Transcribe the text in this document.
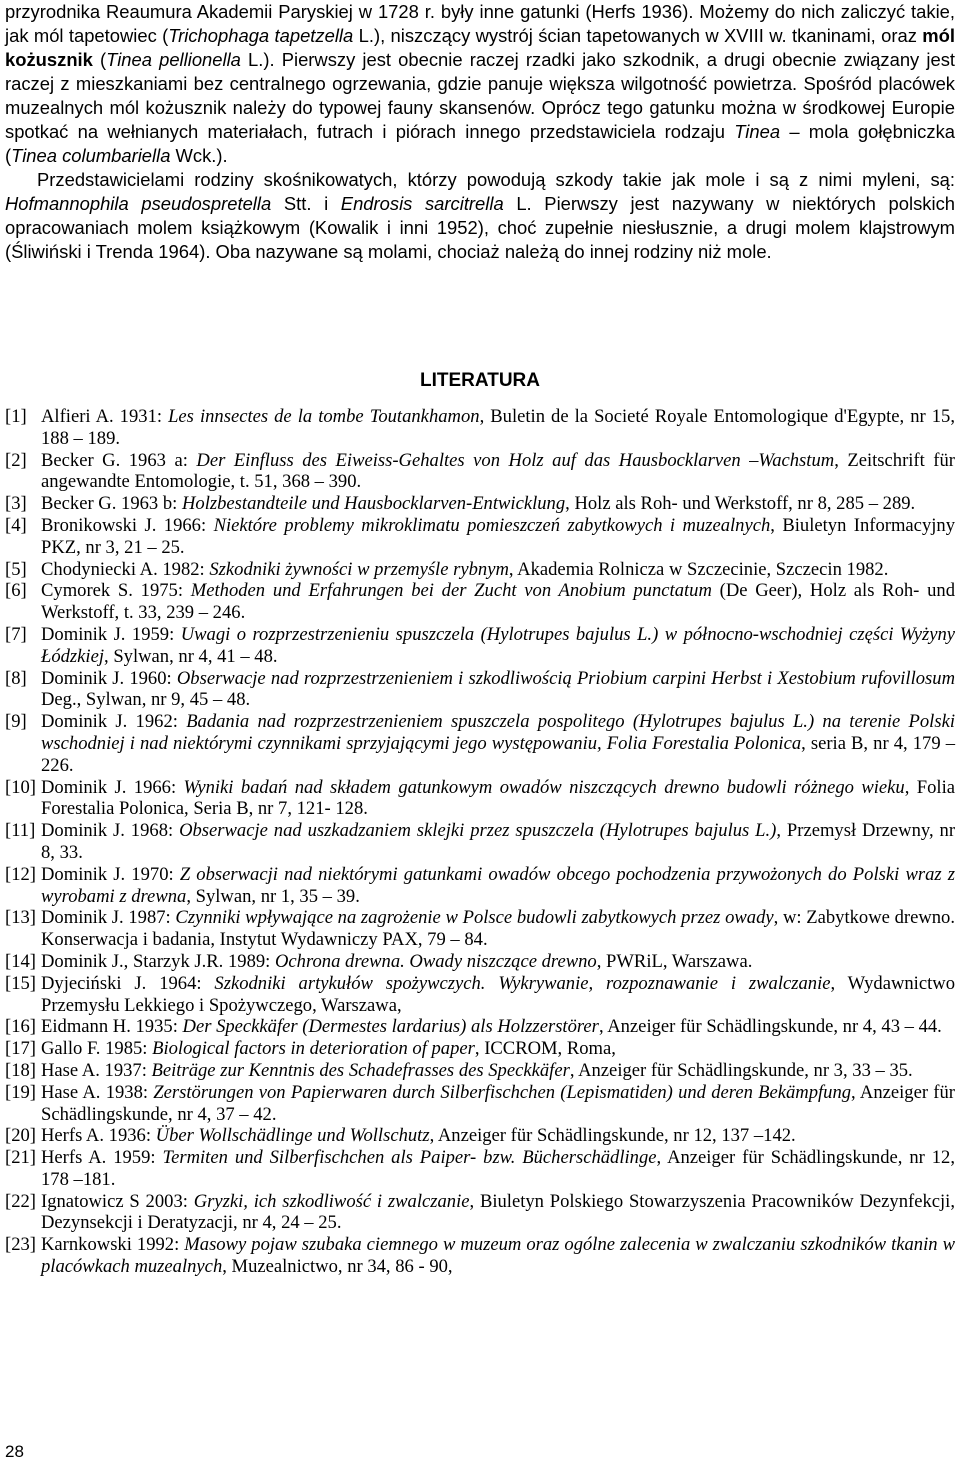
przyrodnika Reaumura Akademii Paryskiej w 1728 r. były inne gatunki (Herfs 1936). Możemy do nich zaliczyć takie, jak mól tapetowiec (Trichophaga tapetzella L.), niszczący wystrój ścian tapetowanych w XVIII w. tkaninami, oraz mól kożusznik (Tinea pellionella L.). Pierwszy jest obecnie raczej rzadki jako szkodnik, a drugi obecnie związany jest raczej z mieszkaniami bez centralnego ogrzewania, gdzie panuje większa wilgotność powietrza. Spośród placówek muzealnych mól kożusznik należy do typowej fauny skansenów. Oprócz tego gatunku można w środkowej Europie spotkać na wełnianych materiałach, futrach i piórach innego przedstawiciela rodzaju Tinea – mola gołębniczka (Tinea columbariella Wck.).

Przedstawicielami rodziny skośnikowatych, którzy powodują szkody takie jak mole i są z nimi myleni, są: Hofmannophila pseudospretella Stt. i Endrosis sarcitrella L. Pierwszy jest nazywany w niektórych polskich opracowaniach molem książkowym (Kowalik i inni 1952), choć zupełnie niesłusznie, a drugi molem klajstrowym (Śliwiński i Trenda 1964). Oba nazywane są molami, chociaż należą do innej rodziny niż mole.

LITERATURA
[1] Alfieri A. 1931: Les innsectes de la tombe Toutankhamon, Buletin de la Societé Royale Entomologique d'Egypte, nr 15, 188 – 189.
[2] Becker G. 1963 a: Der Einfluss des Eiweiss-Gehaltes von Holz auf das Hausbocklarven –Wachstum, Zeitschrift für angewandte Entomologie, t. 51, 368 – 390.
[3] Becker G. 1963 b: Holzbestandteile und Hausbocklarven-Entwicklung, Holz als Roh- und Werkstoff, nr 8, 285 – 289.
[4] Bronikowski J. 1966: Niektóre problemy mikroklimatu pomieszczeń zabytkowych i muzealnych, Biuletyn Informacyjny PKZ, nr 3, 21 – 25.
[5] Chodyniecki A. 1982: Szkodniki żywności w przemyśle rybnym, Akademia Rolnicza w Szczecinie, Szczecin 1982.
[6] Cymorek S. 1975: Methoden und Erfahrungen bei der Zucht von Anobium punctatum (De Geer), Holz als Roh- und Werkstoff, t. 33, 239 – 246.
[7] Dominik J. 1959: Uwagi o rozprzestrzenieniu spuszczela (Hylotrupes bajulus L.) w północno-wschodniej części Wyżyny Łódzkiej, Sylwan, nr 4, 41 – 48.
[8] Dominik J. 1960: Obserwacje nad rozprzestrzenieniem i szkodliwością Priobium carpini Herbst i Xestobium rufovillosum Deg., Sylwan, nr 9, 45 – 48.
[9] Dominik J. 1962: Badania nad rozprzestrzenieniem spuszczela pospolitego (Hylotrupes bajulus L.) na terenie Polski wschodniej i nad niektórymi czynnikami sprzyjającymi jego występowaniu, Folia Forestalia Polonica, seria B, nr 4, 179 – 226.
[10] Dominik J. 1966: Wyniki badań nad składem gatunkowym owadów niszczących drewno budowli różnego wieku, Folia Forestalia Polonica, Seria B, nr 7, 121- 128.
[11] Dominik J. 1968: Obserwacje nad uszkadzaniem sklejki przez spuszczela (Hylotrupes bajulus L.), Przemysł Drzewny, nr 8, 33.
[12] Dominik J. 1970: Z obserwacji nad niektórymi gatunkami owadów obcego pochodzenia przywożonych do Polski wraz z wyrobami z drewna, Sylwan, nr 1, 35 – 39.
[13] Dominik J. 1987: Czynniki wpływające na zagrożenie w Polsce budowli zabytkowych przez owady, w: Zabytkowe drewno. Konserwacja i badania, Instytut Wydawniczy PAX, 79 – 84.
[14] Dominik J., Starzyk J.R. 1989: Ochrona drewna. Owady niszczące drewno, PWRiL, Warszawa.
[15] Dyjeciński J. 1964: Szkodniki artykułów spożywczych. Wykrywanie, rozpoznawanie i zwalczanie, Wydawnictwo Przemysłu Lekkiego i Spożywczego, Warszawa,
[16] Eidmann H. 1935: Der Speckkäfer (Dermestes lardarius) als Holzzerstörer, Anzeiger für Schädlingskunde, nr 4, 43 – 44.
[17] Gallo F. 1985: Biological factors in deterioration of paper, ICCROM, Roma,
[18] Hase A. 1937: Beiträge zur Kenntnis des Schadefrasses des Speckkäfer, Anzeiger für Schädlingskunde, nr 3, 33 – 35.
[19] Hase A. 1938: Zerstörungen von Papierwaren durch Silberfischchen (Lepismatiden) und deren Bekämpfung, Anzeiger für Schädlingskunde, nr 4, 37 – 42.
[20] Herfs A. 1936: Über Wollschädlinge und Wollschutz, Anzeiger für Schädlingskunde, nr 12, 137 –142.
[21] Herfs A. 1959: Termiten und Silberfischchen als Paiper- bzw. Bücherschädlinge, Anzeiger für Schädlingskunde, nr 12, 178 –181.
[22] Ignatowicz S 2003: Gryzki, ich szkodliwość i zwalczanie, Biuletyn Polskiego Stowarzyszenia Pracowników Dezynfekcji, Dezynsekcji i Deratyzacji, nr 4, 24 – 25.
[23] Karnkowski 1992: Masowy pojaw szubaka ciemnego w muzeum oraz ogólne zalecenia w zwalczaniu szkodników tkanin w placówkach muzealnych, Muzealnictwo, nr 34, 86 - 90,
28
